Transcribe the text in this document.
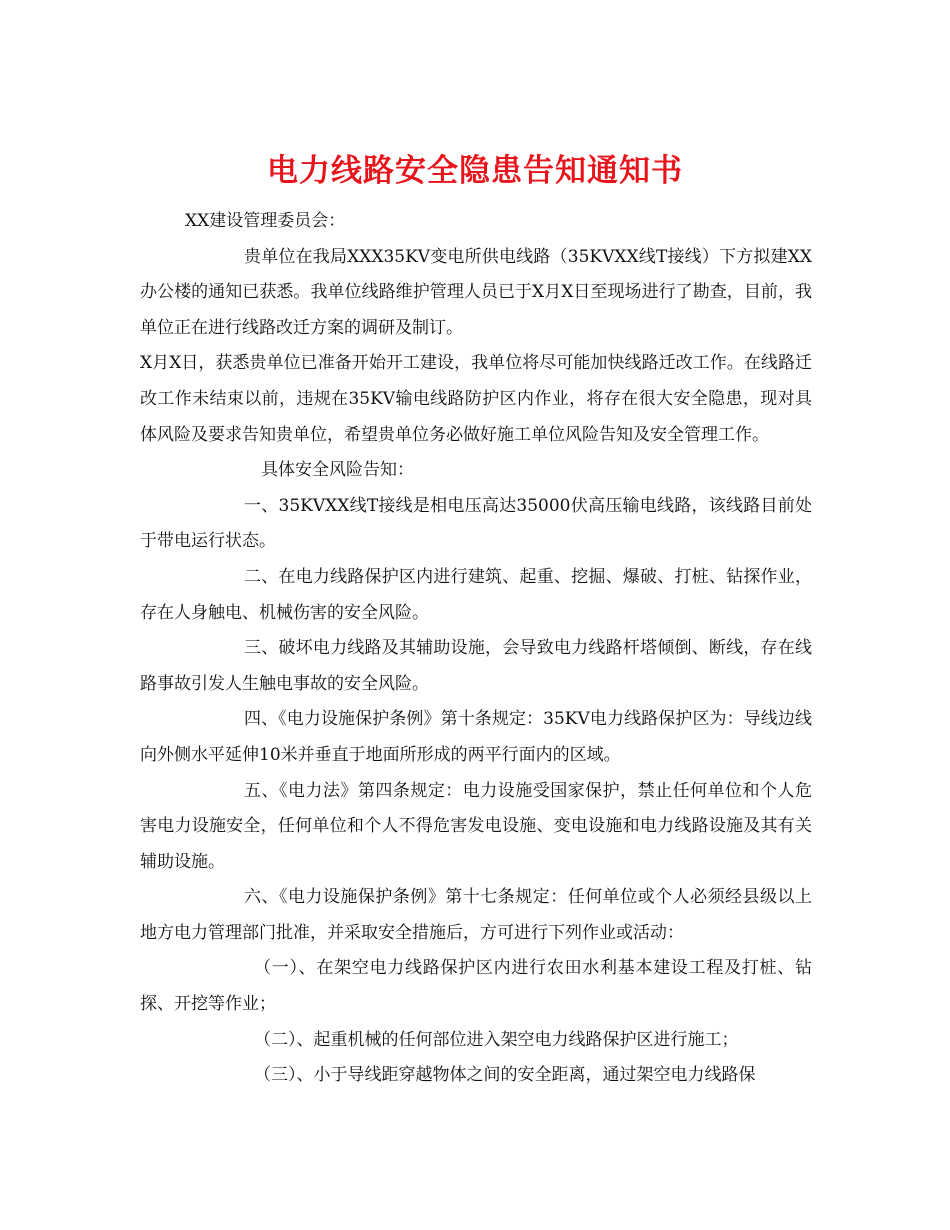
电力线路安全隐患告知通知书

XX建设管理委员会：

贵单位在我局XXX35KV变电所供电线路（35KVXX线T接线）下方拟建XX办公楼的通知已获悉。我单位线路维护管理人员已于X月X日至现场进行了勘查，目前，我单位正在进行线路改迁方案的调研及制订。

X月X日，获悉贵单位已准备开始开工建设，我单位将尽可能加快线路迁改工作。在线路迁改工作未结束以前，违规在35KV输电线路防护区内作业，将存在很大安全隐患，现对具体风险及要求告知贵单位，希望贵单位务必做好施工单位风险告知及安全管理工作。

具体安全风险告知：

一、35KVXX线T接线是相电压高达35000伏高压输电线路，该线路目前处于带电运行状态。

二、在电力线路保护区内进行建筑、起重、挖掘、爆破、打桩、钻探作业，存在人身触电、机械伤害的安全风险。

三、破坏电力线路及其辅助设施，会导致电力线路杆塔倾倒、断线，存在线路事故引发人生触电事故的安全风险。

四、《电力设施保护条例》第十条规定：35KV电力线路保护区为：导线边线向外侧水平延伸10米并垂直于地面所形成的两平行面内的区域。

五、《电力法》第四条规定：电力设施受国家保护，禁止任何单位和个人危害电力设施安全，任何单位和个人不得危害发电设施、变电设施和电力线路设施及其有关辅助设施。

六、《电力设施保护条例》第十七条规定：任何单位或个人必须经县级以上地方电力管理部门批准，并采取安全措施后，方可进行下列作业或活动：

（一）、在架空电力线路保护区内进行农田水利基本建设工程及打桩、钻探、开挖等作业；

（二）、起重机械的任何部位进入架空电力线路保护区进行施工；

（三）、小于导线距穿越物体之间的安全距离，通过架空电力线路保
